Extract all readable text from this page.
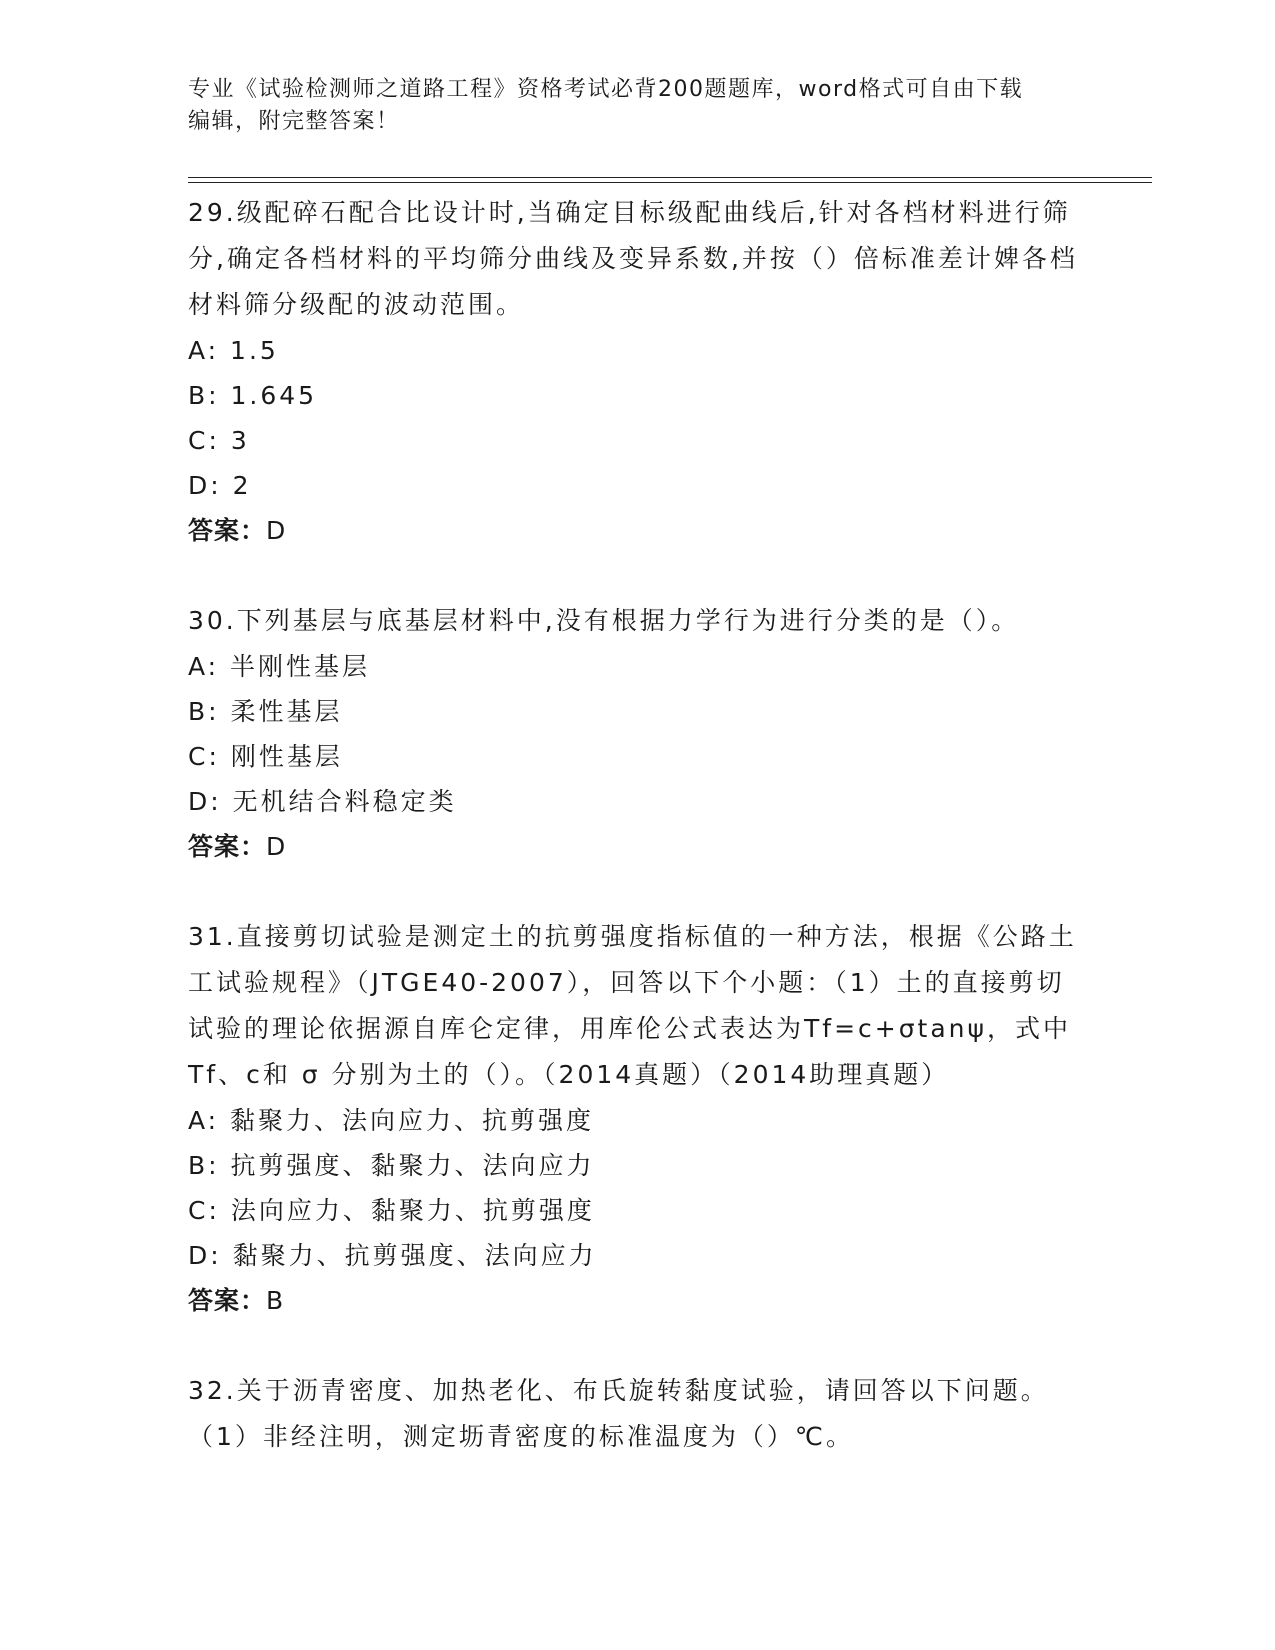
专业《试验检测师之道路工程》资格考试必背200题题库，word格式可自由下载
编辑，附完整答案！

29.级配碎石配合比设计时,当确定目标级配曲线后,针对各档材料进行筛分,确定各档材料的平均筛分曲线及变异系数,并按（）倍标准差计婢各档材料筛分级配的波动范围。

A: 1.5

B: 1.645

C: 3

D: 2

答案：D

30.下列基层与底基层材料中,没有根据力学行为进行分类的是（）。

A: 半刚性基层

B: 柔性基层

C: 刚性基层

D: 无机结合料稳定类

答案：D

31.直接剪切试验是测定土的抗剪强度指标值的一种方法，根据《公路土工试验规程》（JTGE40-2007），回答以下个小题：（1）土的直接剪切试验的理论依据源自库仑定律，用库伦公式表达为Tf=c+σtanψ，式中Tf、c和 σ 分别为土的（）。（2014真题）（2014助理真题）

A: 黏聚力、法向应力、抗剪强度

B: 抗剪强度、黏聚力、法向应力

C: 法向应力、黏聚力、抗剪强度

D: 黏聚力、抗剪强度、法向应力

答案：B

32.关于沥青密度、加热老化、布氏旋转黏度试验，请回答以下问题。（1）非经注明，测定坜青密度的标准温度为（）℃。
